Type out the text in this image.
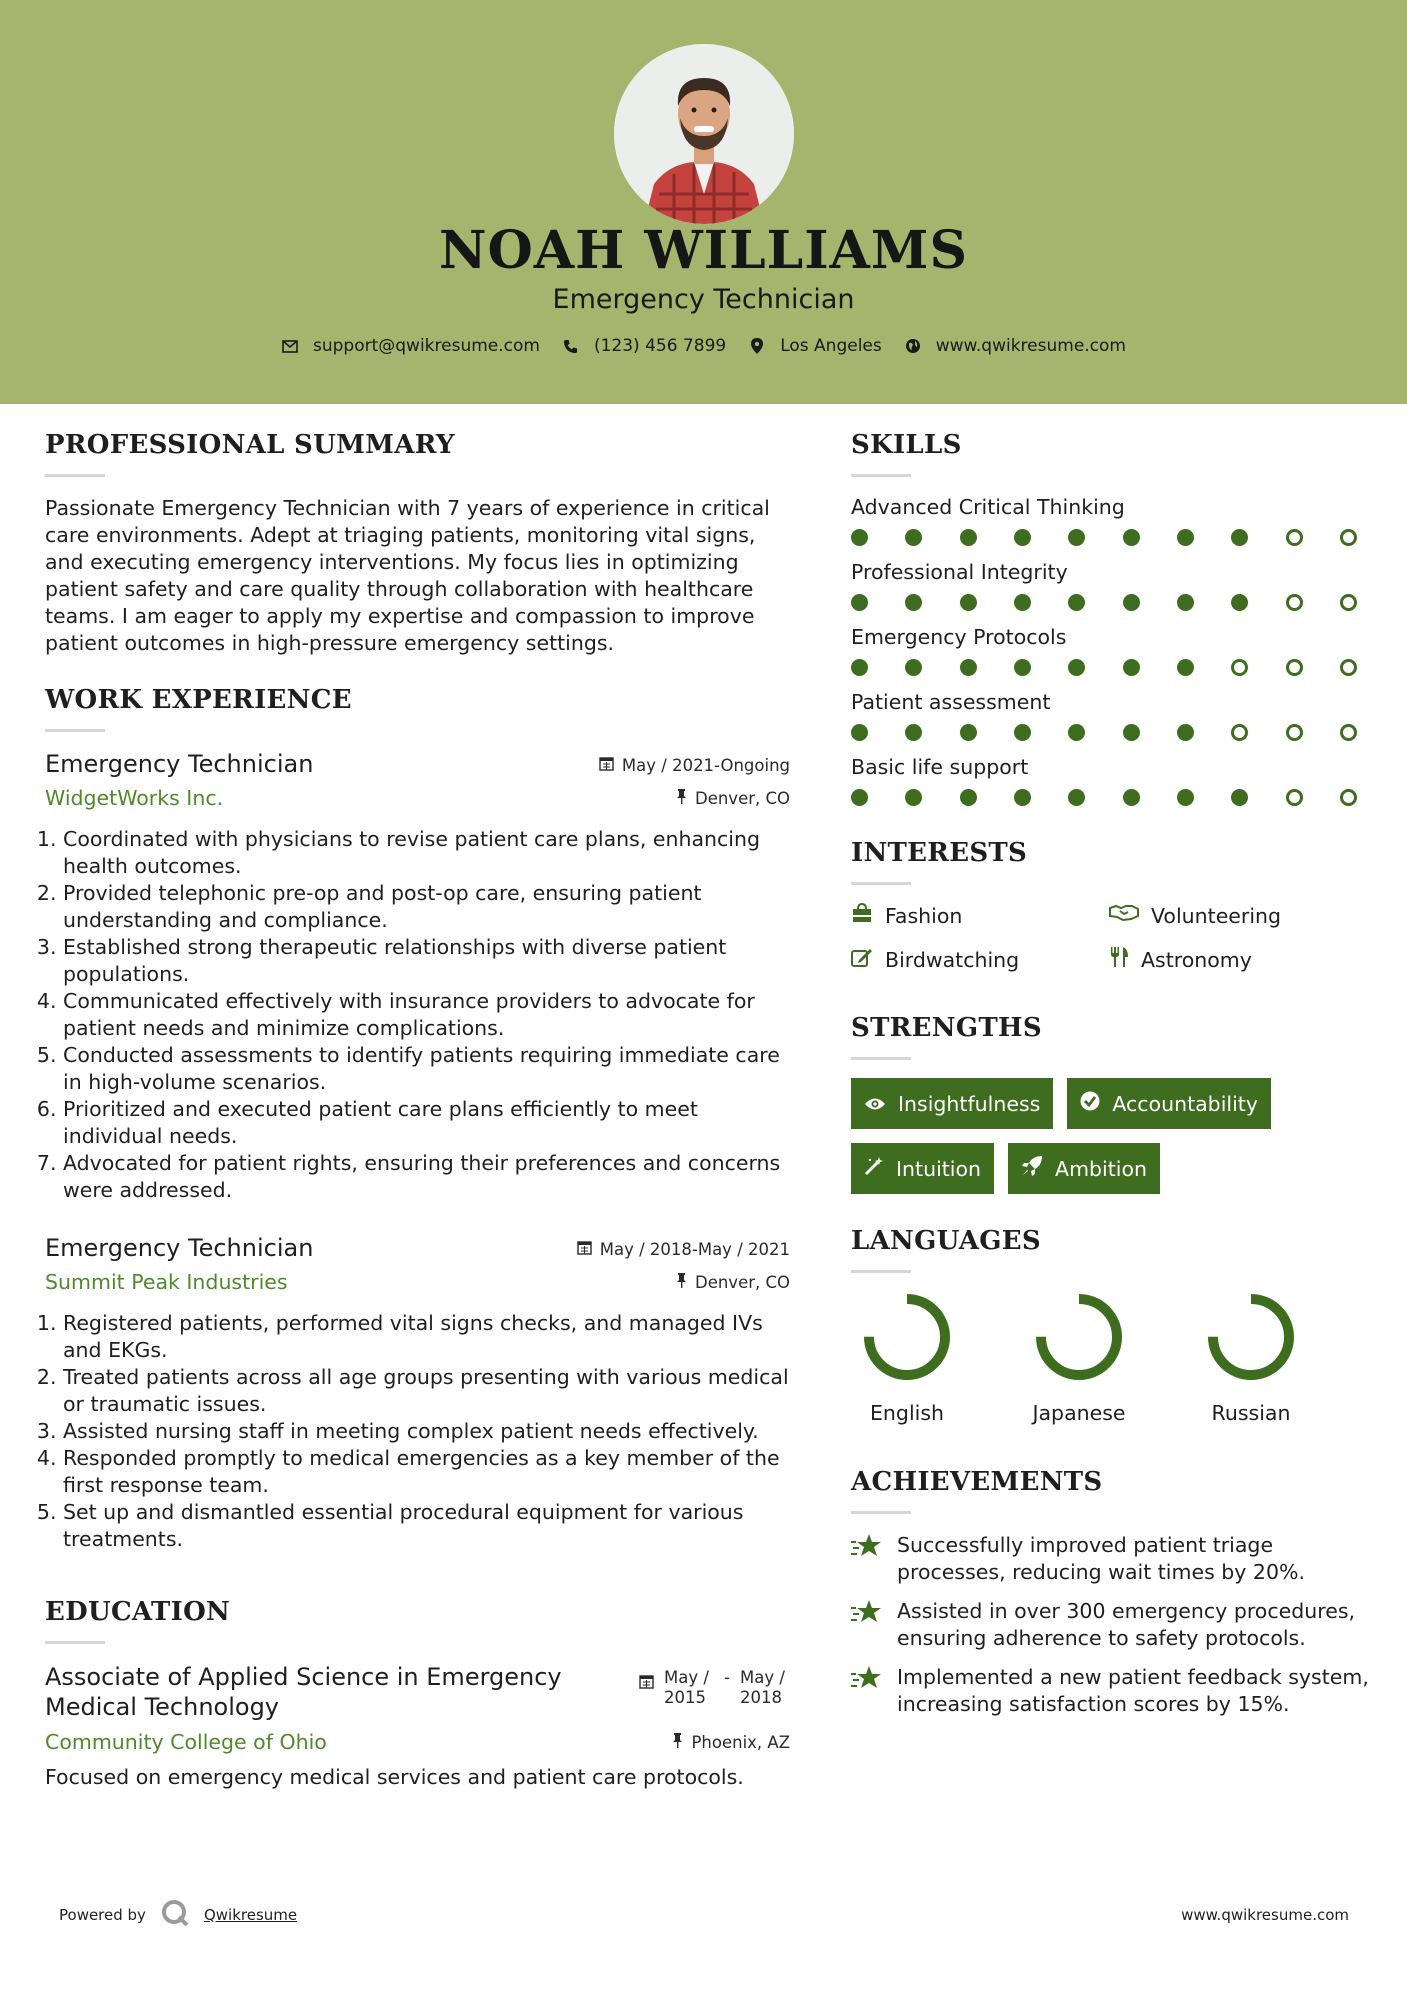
NOAH WILLIAMS
Emergency Technician
support@qwikresume.com	(123) 456 7899	Los Angeles	www.qwikresume.com
PROFESSIONAL SUMMARY

Passionate Emergency Technician with 7 years of experience in critical care environments. Adept at triaging patients, monitoring vital signs, and executing emergency interventions. My focus lies in optimizing patient safety and care quality through collaboration with healthcare teams. I am eager to apply my expertise and compassion to improve patient outcomes in high-pressure emergency settings.

WORK EXPERIENCE
Emergency Technician	May / 2021-Ongoing
WidgetWorks Inc.	Denver, CO
1. Coordinated with physicians to revise patient care plans, enhancing health outcomes.
2. Provided telephonic pre-op and post-op care, ensuring patient understanding and compliance.
3. Established strong therapeutic relationships with diverse patient populations.
4. Communicated effectively with insurance providers to advocate for patient needs and minimize complications.
5. Conducted assessments to identify patients requiring immediate care in high-volume scenarios.
6. Prioritized and executed patient care plans efficiently to meet individual needs.
7. Advocated for patient rights, ensuring their preferences and concerns were addressed.
Emergency Technician	May / 2018-May / 2021
Summit Peak Industries	Denver, CO
1. Registered patients, performed vital signs checks, and managed IVs and EKGs.
2. Treated patients across all age groups presenting with various medical or traumatic issues.
3. Assisted nursing staff in meeting complex patient needs effectively.
4. Responded promptly to medical emergencies as a key member of the first response team.
5. Set up and dismantled essential procedural equipment for various treatments.
EDUCATION
Associate of Applied Science in Emergency Medical Technology
May / 2015
- May / 2018
Community College of Ohio	Phoenix, AZ

Focused on emergency medical services and patient care protocols.

SKILLS
Advanced Critical Thinking
Professional Integrity
Emergency Protocols
Patient assessment
Basic life support
INTERESTS
Fashion	Volunteering
Birdwatching	Astronomy
STRENGTHS
Insightfulness	Accountability
Intuition	Ambition
LANGUAGES
English	Japanese	Russian
ACHIEVEMENTS
Successfully improved patient triage processes, reducing wait times by 20%.
Assisted in over 300 emergency procedures, ensuring adherence to safety protocols.
Implemented a new patient feedback system, increasing satisfaction scores by 15%.
Powered by	Qwikresume	www.qwikresume.com
